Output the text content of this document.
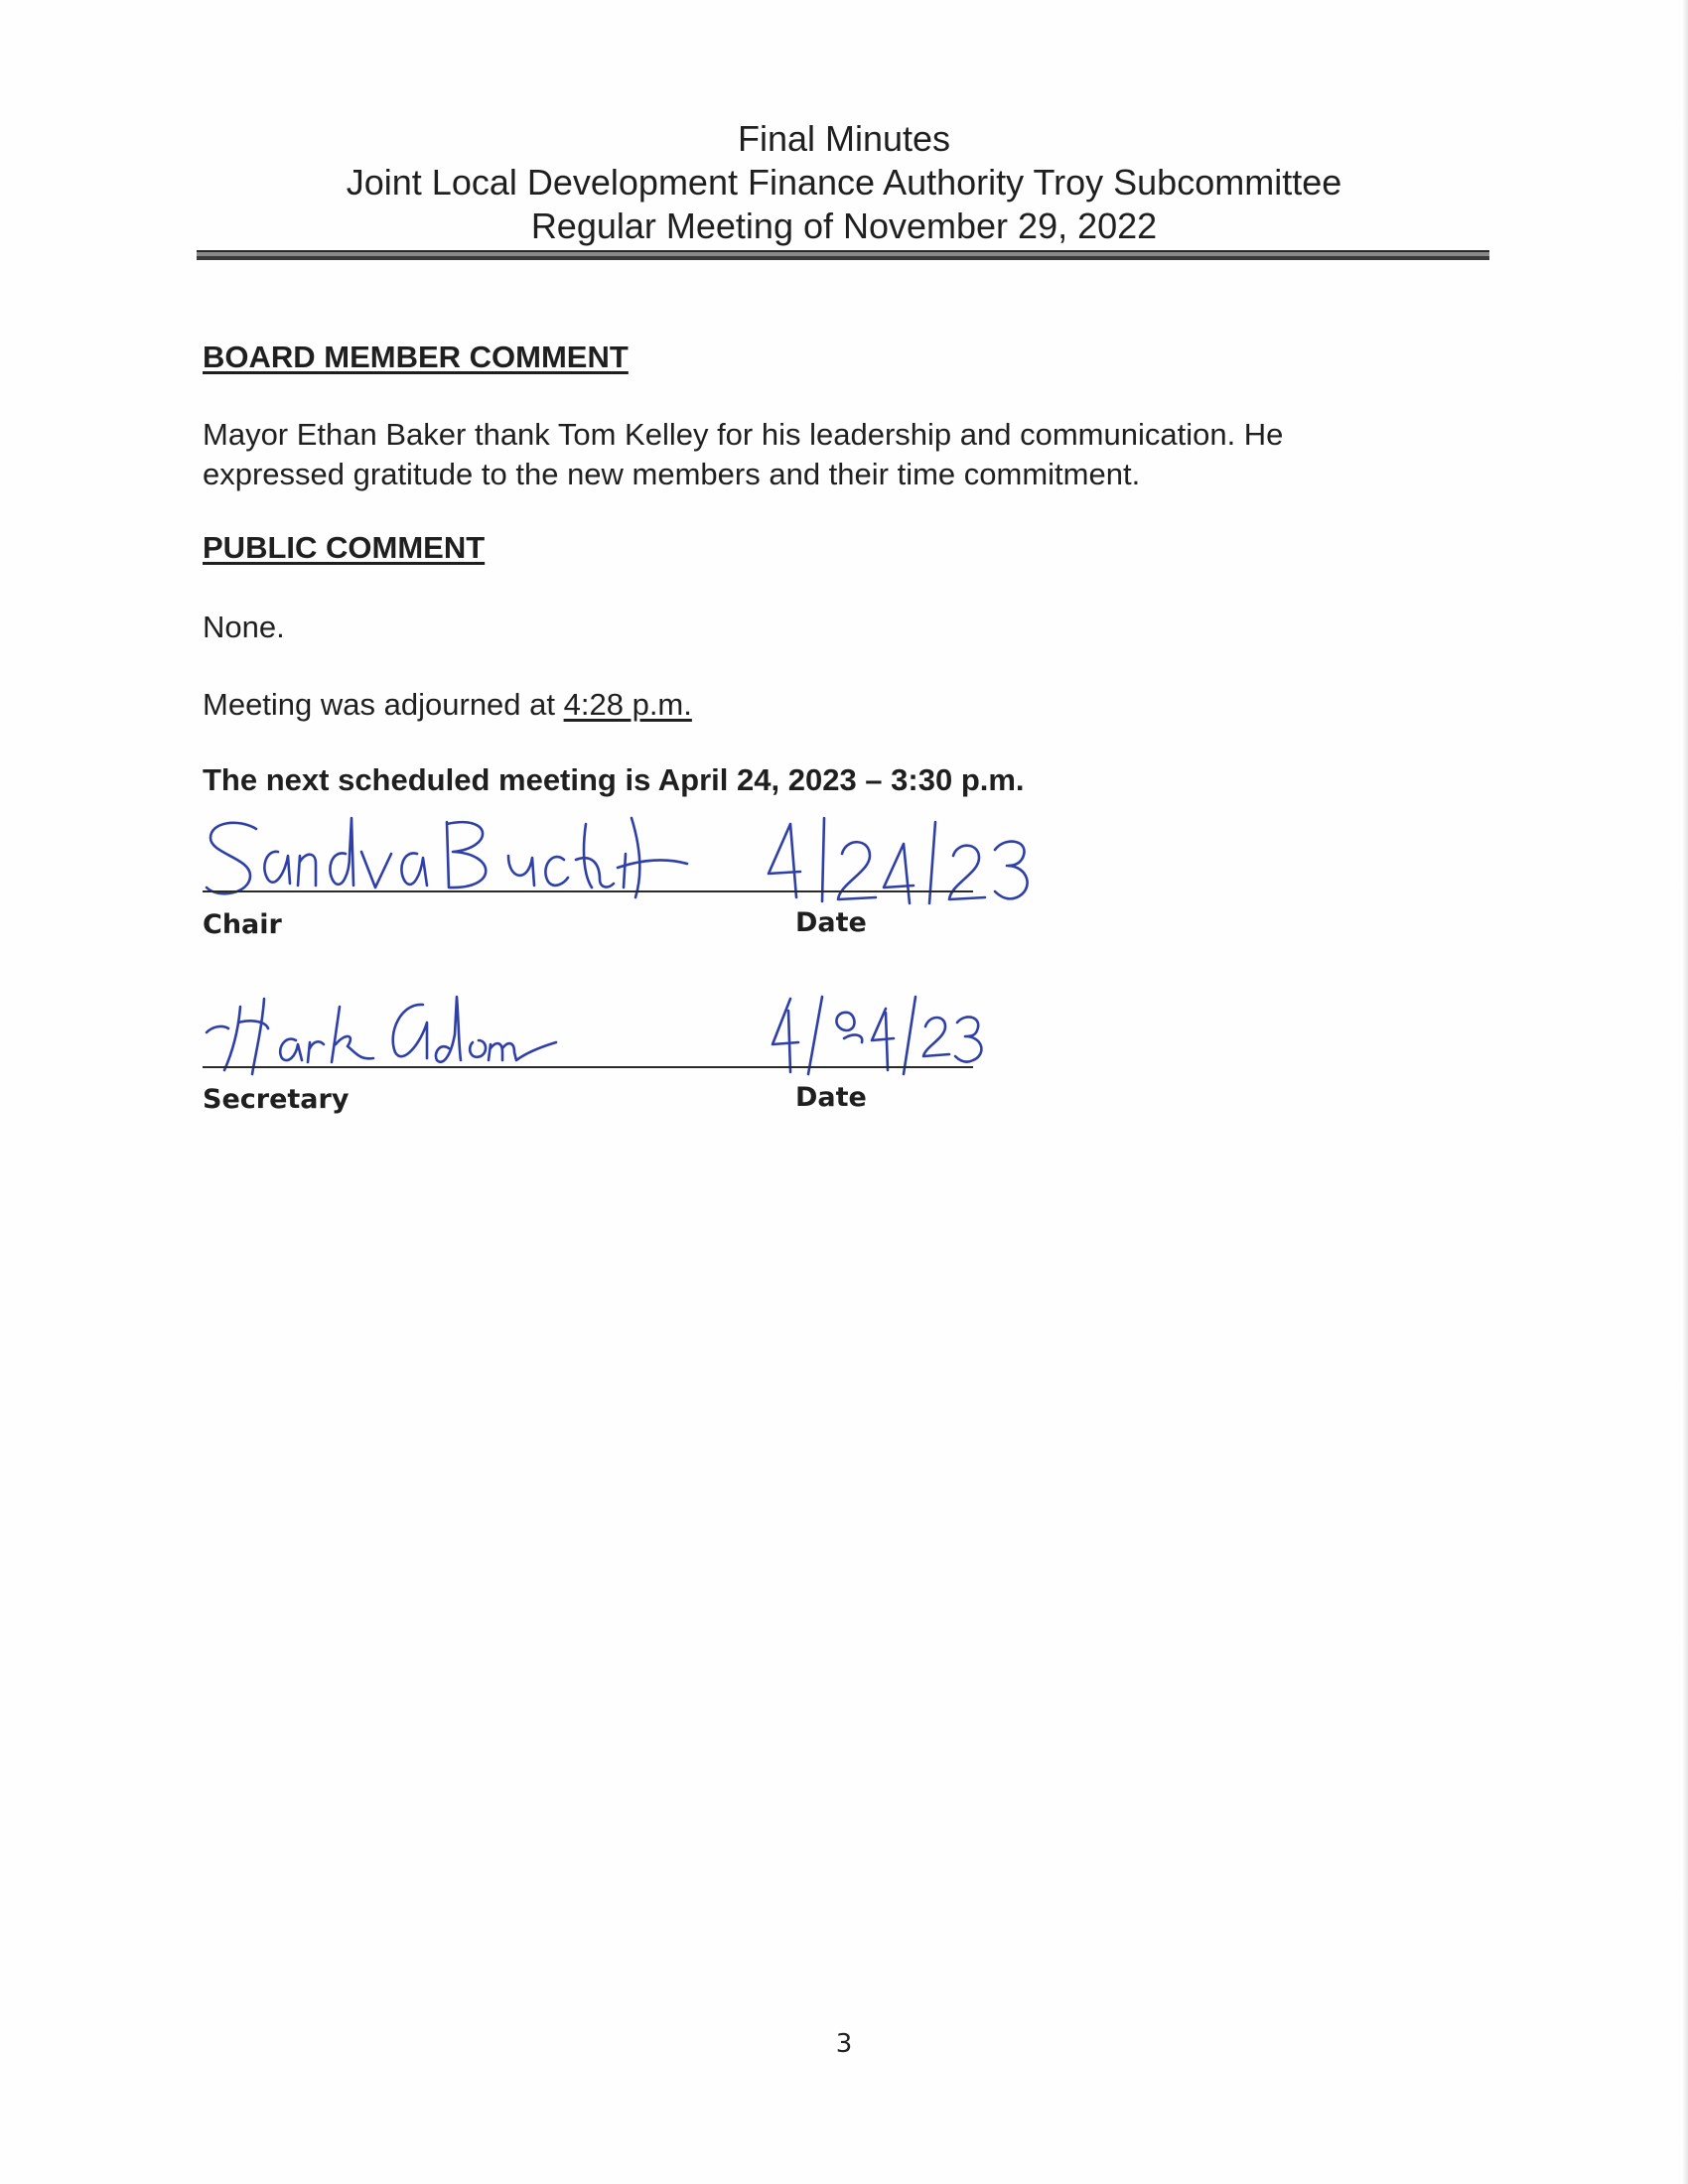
Final Minutes
Joint Local Development Finance Authority Troy Subcommittee
Regular Meeting of November 29, 2022
BOARD MEMBER COMMENT
Mayor Ethan Baker thank Tom Kelley for his leadership and communication. He
expressed gratitude to the new members and their time commitment.
PUBLIC COMMENT
None.
Meeting was adjourned at 4:28 p.m.
The next scheduled meeting is April 24, 2023 – 3:30 p.m.
Chair	Date
Secretary	Date
3
